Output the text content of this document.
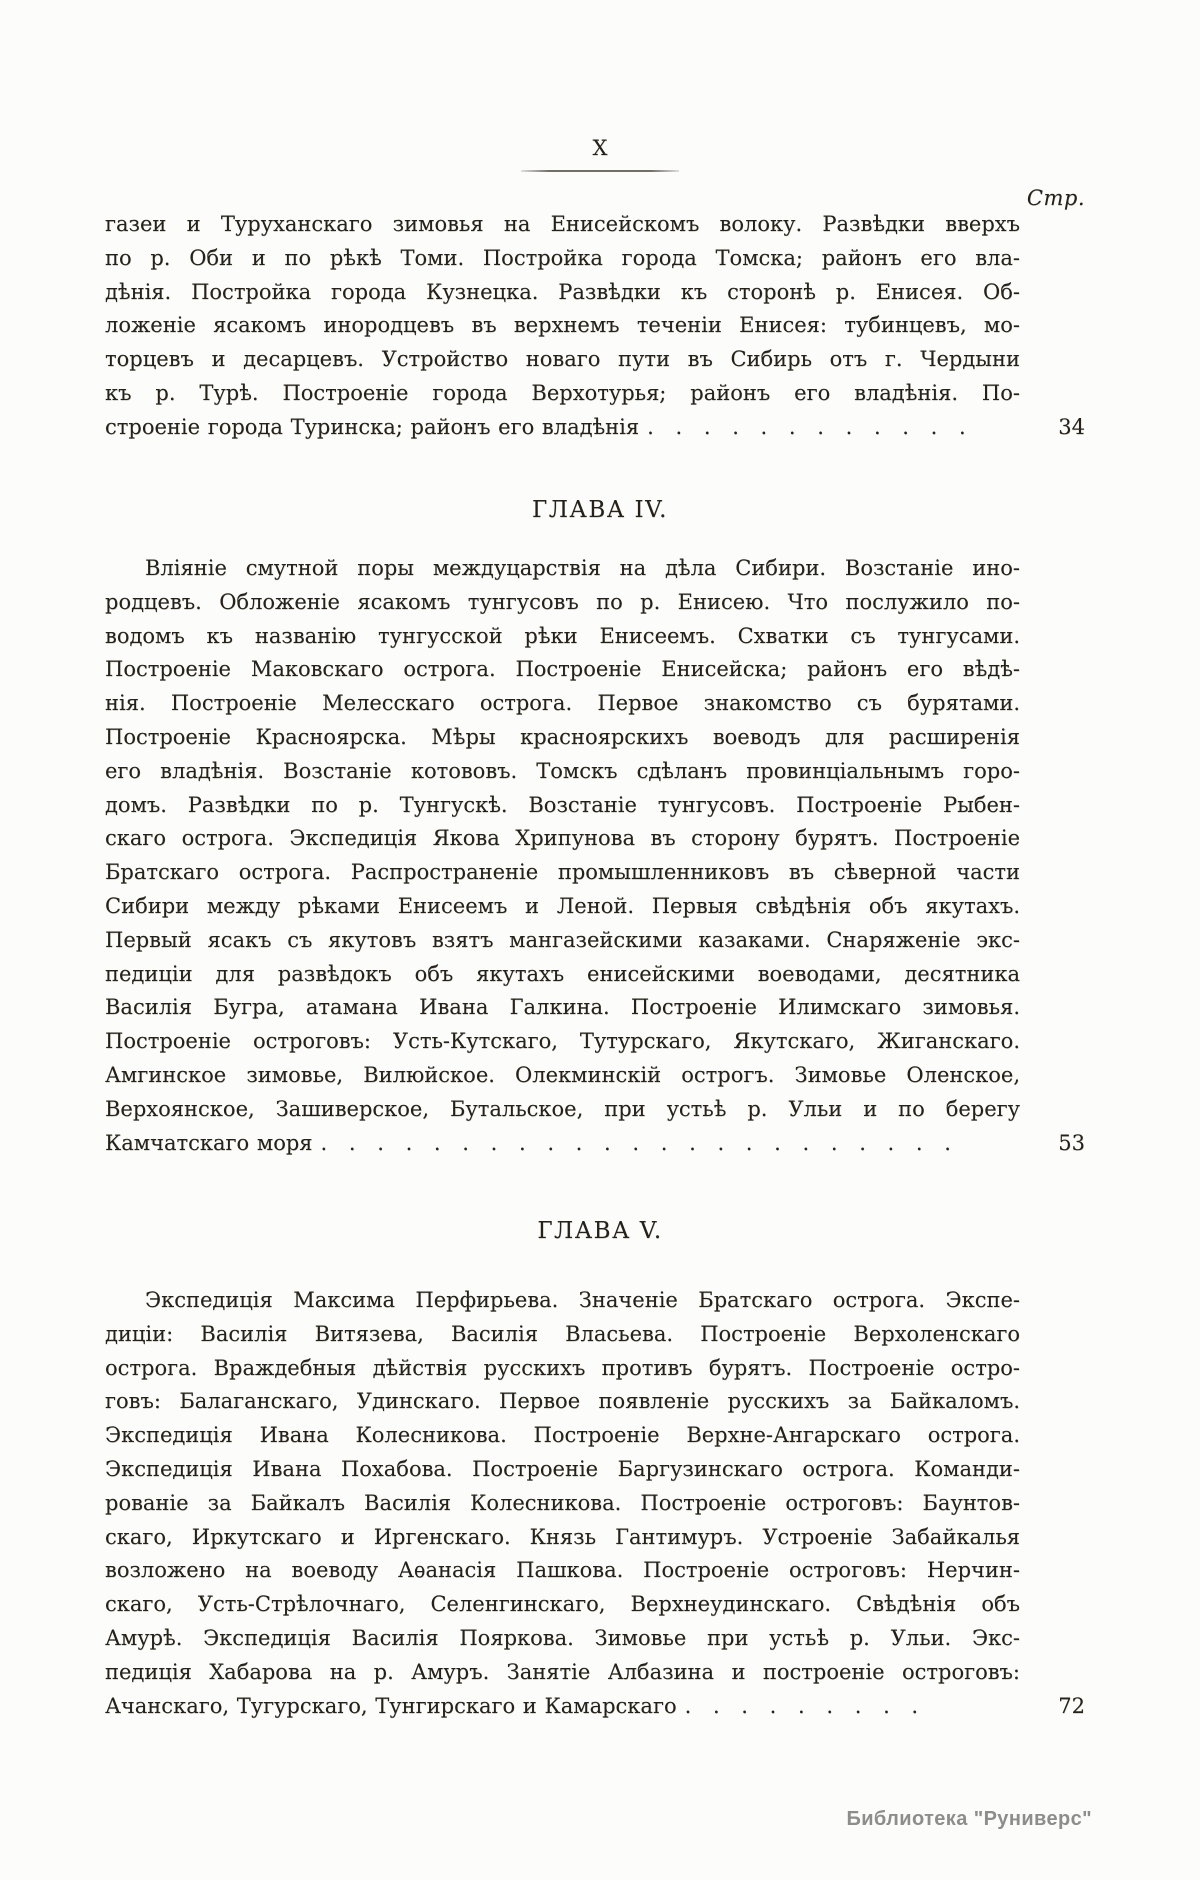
X
Стр.
газеи и Туруханскаго зимовья на Енисейскомъ волоку. Развѣдки вверхъ
по р. Оби и по рѣкѣ Томи. Постройка города Томска; районъ его вла-
дѣнія. Постройка города Кузнецка. Развѣдки къ сторонѣ р. Енисея. Об-
ложеніе ясакомъ инородцевъ въ верхнемъ теченіи Енисея: тубинцевъ, мо-
торцевъ и десарцевъ. Устройство новаго пути въ Сибирь отъ г. Чердыни
къ р. Турѣ. Построеніе города Верхотурья; районъ его владѣнія. По-
строеніе города Туринска; районъ его владѣнія . . . . . . . . . . . .	34
ГЛАВА IV.
Вліяніе смутной поры междуцарствія на дѣла Сибири. Возстаніе ино-
родцевъ. Обложеніе ясакомъ тунгусовъ по р. Енисею. Что послужило по-
водомъ къ названію тунгусской рѣки Енисеемъ. Схватки съ тунгусами.
Построеніе Маковскаго острога. Построеніе Енисейска; районъ его вѣдѣ-
нія. Построеніе Мелесскаго острога. Первое знакомство съ бурятами.
Построеніе Красноярска. Мѣры красноярскихъ воеводъ для расширенія
его владѣнія. Возстаніе котововъ. Томскъ сдѣланъ провинціальнымъ горо-
домъ. Развѣдки по р. Тунгускѣ. Возстаніе тунгусовъ. Построеніе Рыбен-
скаго острога. Экспедиція Якова Хрипунова въ сторону бурятъ. Построеніе
Братскаго острога. Распространеніе промышленниковъ въ сѣверной части
Сибири между рѣками Енисеемъ и Леной. Первыя свѣдѣнія объ якутахъ.
Первый ясакъ съ якутовъ взятъ мангазейскими казаками. Снаряженіе экс-
педиціи для развѣдокъ объ якутахъ енисейскими воеводами, десятника
Василія Бугра, атамана Ивана Галкина. Построеніе Илимскаго зимовья.
Построеніе остроговъ: Усть-Кутскаго, Тутурскаго, Якутскаго, Жиганскаго.
Амгинское зимовье, Вилюйское. Олекминскій острогъ. Зимовье Оленское,
Верхоянское, Зашиверское, Бутальское, при устьѣ р. Ульи и по берегу
Камчатскаго моря . . . . . . . . . . . . . . . . . . . . . . .	53
ГЛАВА V.
Экспедиція Максима Перфирьева. Значеніе Братскаго острога. Экспе-
диціи: Василія Витязева, Василія Власьева. Построеніе Верхоленскаго
острога. Враждебныя дѣйствія русскихъ противъ бурятъ. Построеніе остро-
говъ: Балаганскаго, Удинскаго. Первое появленіе русскихъ за Байкаломъ.
Экспедиція Ивана Колесникова. Построеніе Верхне-Ангарскаго острога.
Экспедиція Ивана Похабова. Построеніе Баргузинскаго острога. Команди-
рованіе за Байкалъ Василія Колесникова. Построеніе остроговъ: Баунтов-
скаго, Иркутскаго и Иргенскаго. Князь Гантимуръ. Устроеніе Забайкалья
возложено на воеводу Аѳанасія Пашкова. Построеніе остроговъ: Нерчин-
скаго, Усть-Стрѣлочнаго, Селенгинскаго, Верхнеудинскаго. Свѣдѣнія объ
Амурѣ. Экспедиція Василія Пояркова. Зимовье при устьѣ р. Ульи. Экс-
педиція Хабарова на р. Амуръ. Занятіе Албазина и построеніе остроговъ:
Ачанскаго, Тугурскаго, Тунгирскаго и Камарскаго . . . . . . . . .	72
Библиотека "Руниверс"
